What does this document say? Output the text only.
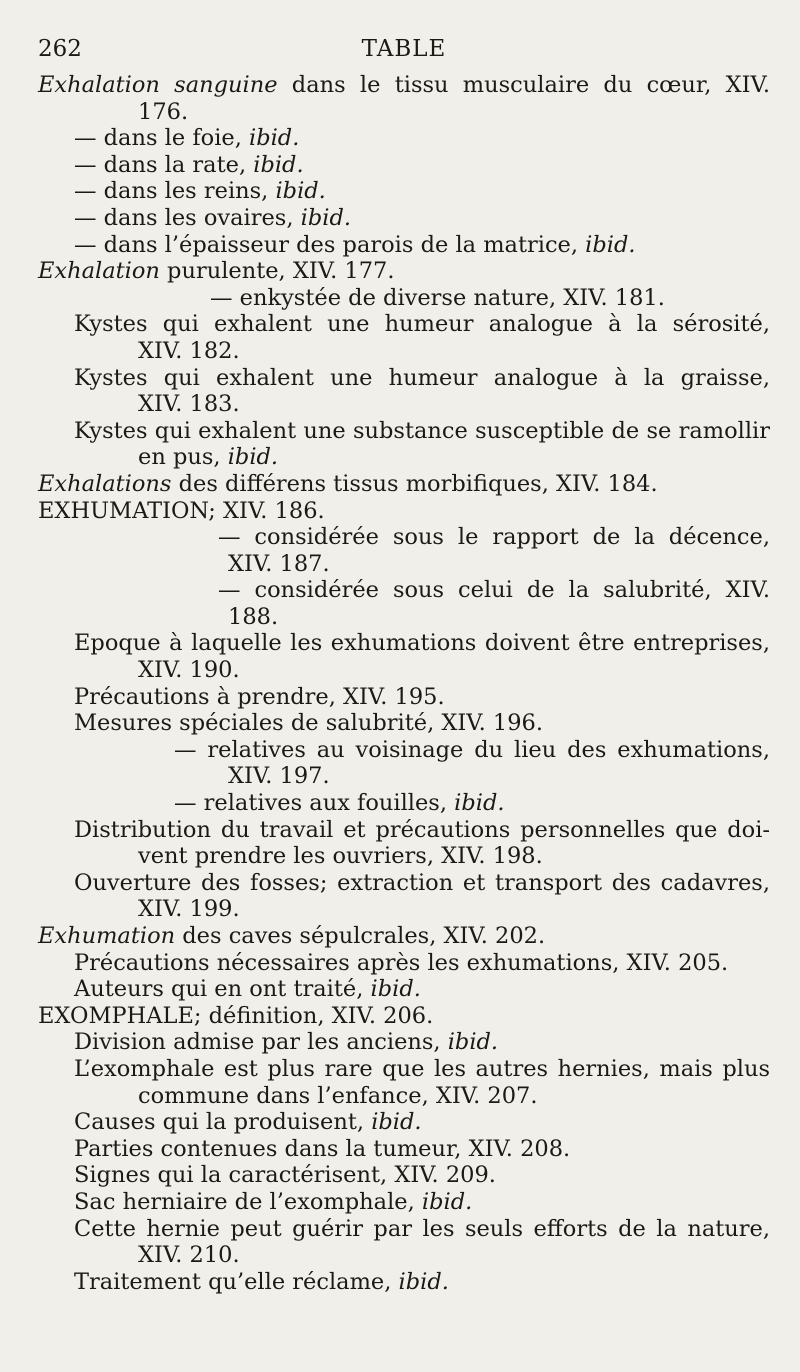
262	TABLE

Exhalation sanguine dans le tissu musculaire du cœur, XIV.
176.

— dans le foie, ibid.

— dans la rate, ibid.

— dans les reins, ibid.

— dans les ovaires, ibid.

— dans l’épaisseur des parois de la matrice, ibid.

Exhalation purulente, XIV. 177.

— enkystée de diverse nature, XIV. 181.

Kystes qui exhalent une humeur analogue à la sérosité,
XIV. 182.

Kystes qui exhalent une humeur analogue à la graisse,
XIV. 183.

Kystes qui exhalent une substance susceptible de se ramollir
en pus, ibid.

Exhalations des différens tissus morbifiques, XIV. 184.

EXHUMATION; XIV. 186.

— considérée sous le rapport de la décence,
XIV. 187.

— considérée sous celui de la salubrité, XIV.
188.

Epoque à laquelle les exhumations doivent être entreprises,
XIV. 190.

Précautions à prendre, XIV. 195.

Mesures spéciales de salubrité, XIV. 196.

— relatives au voisinage du lieu des exhumations,
XIV. 197.

— relatives aux fouilles, ibid.

Distribution du travail et précautions personnelles que doi-
vent prendre les ouvriers, XIV. 198.

Ouverture des fosses; extraction et transport des cadavres,
XIV. 199.

Exhumation des caves sépulcrales, XIV. 202.

Précautions nécessaires après les exhumations, XIV. 205.

Auteurs qui en ont traité, ibid.

EXOMPHALE; définition, XIV. 206.

Division admise par les anciens, ibid.

L’exomphale est plus rare que les autres hernies, mais plus
commune dans l’enfance, XIV. 207.

Causes qui la produisent, ibid.

Parties contenues dans la tumeur, XIV. 208.

Signes qui la caractérisent, XIV. 209.

Sac herniaire de l’exomphale, ibid.

Cette hernie peut guérir par les seuls efforts de la nature,
XIV. 210.

Traitement qu’elle réclame, ibid.
